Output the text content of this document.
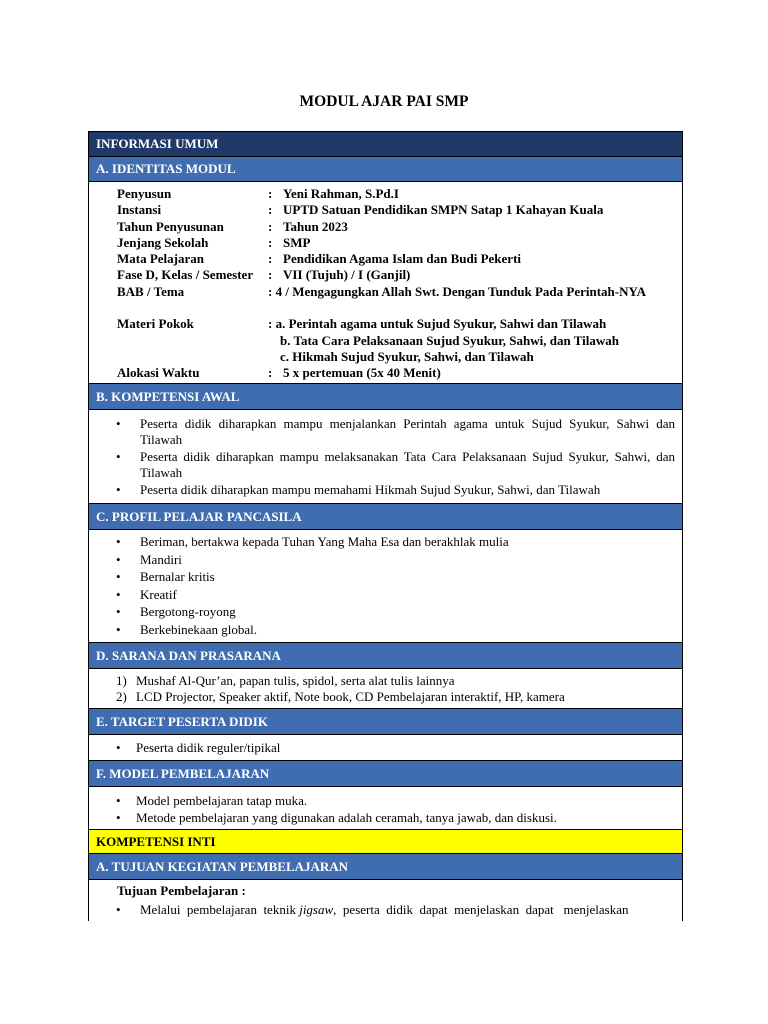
MODUL AJAR PAI SMP
INFORMASI UMUM
A. IDENTITAS MODUL
Penyusun	: Yeni Rahman, S.Pd.I
Instansi	: UPTD Satuan Pendidikan SMPN Satap 1 Kahayan Kuala
Tahun Penyusunan	: Tahun 2023
Jenjang Sekolah	: SMP
Mata Pelajaran	: Pendidikan Agama Islam dan Budi Pekerti
Fase D, Kelas / Semester : VII (Tujuh) / I (Ganjil)
BAB / Tema	: 4 / Mengagungkan Allah Swt. Dengan Tunduk Pada Perintah-NYA
Materi Pokok	: a. Perintah agama untuk Sujud Syukur, Sahwi dan Tilawah
b. Tata Cara Pelaksanaan Sujud Syukur, Sahwi, dan Tilawah
c. Hikmah Sujud Syukur, Sahwi, dan Tilawah
Alokasi Waktu	: 5 x pertemuan (5x 40 Menit)
B. KOMPETENSI AWAL
• Peserta didik diharapkan mampu menjalankan Perintah agama untuk Sujud Syukur, Sahwi dan Tilawah
• Peserta didik diharapkan mampu melaksanakan Tata Cara Pelaksanaan Sujud Syukur, Sahwi, dan Tilawah
• Peserta didik diharapkan mampu memahami Hikmah Sujud Syukur, Sahwi, dan Tilawah
C. PROFIL PELAJAR PANCASILA
• Beriman, bertakwa kepada Tuhan Yang Maha Esa dan berakhlak mulia
• Mandiri
• Bernalar kritis
• Kreatif
• Bergotong-royong
• Berkebinekaan global.
D. SARANA DAN PRASARANA
1) Mushaf Al-Qur’an, papan tulis, spidol, serta alat tulis lainnya
2) LCD Projector, Speaker aktif, Note book, CD Pembelajaran interaktif, HP, kamera
E. TARGET PESERTA DIDIK
• Peserta didik reguler/tipikal
F. MODEL PEMBELAJARAN
• Model pembelajaran tatap muka.
• Metode pembelajaran yang digunakan adalah ceramah, tanya jawab, dan diskusi.
KOMPETENSI INTI
A. TUJUAN KEGIATAN PEMBELAJARAN
Tujuan Pembelajaran :
• Melalui  pembelajaran  teknik jigsaw,  peserta  didik  dapat  menjelaskan  dapat   menjelaskan
